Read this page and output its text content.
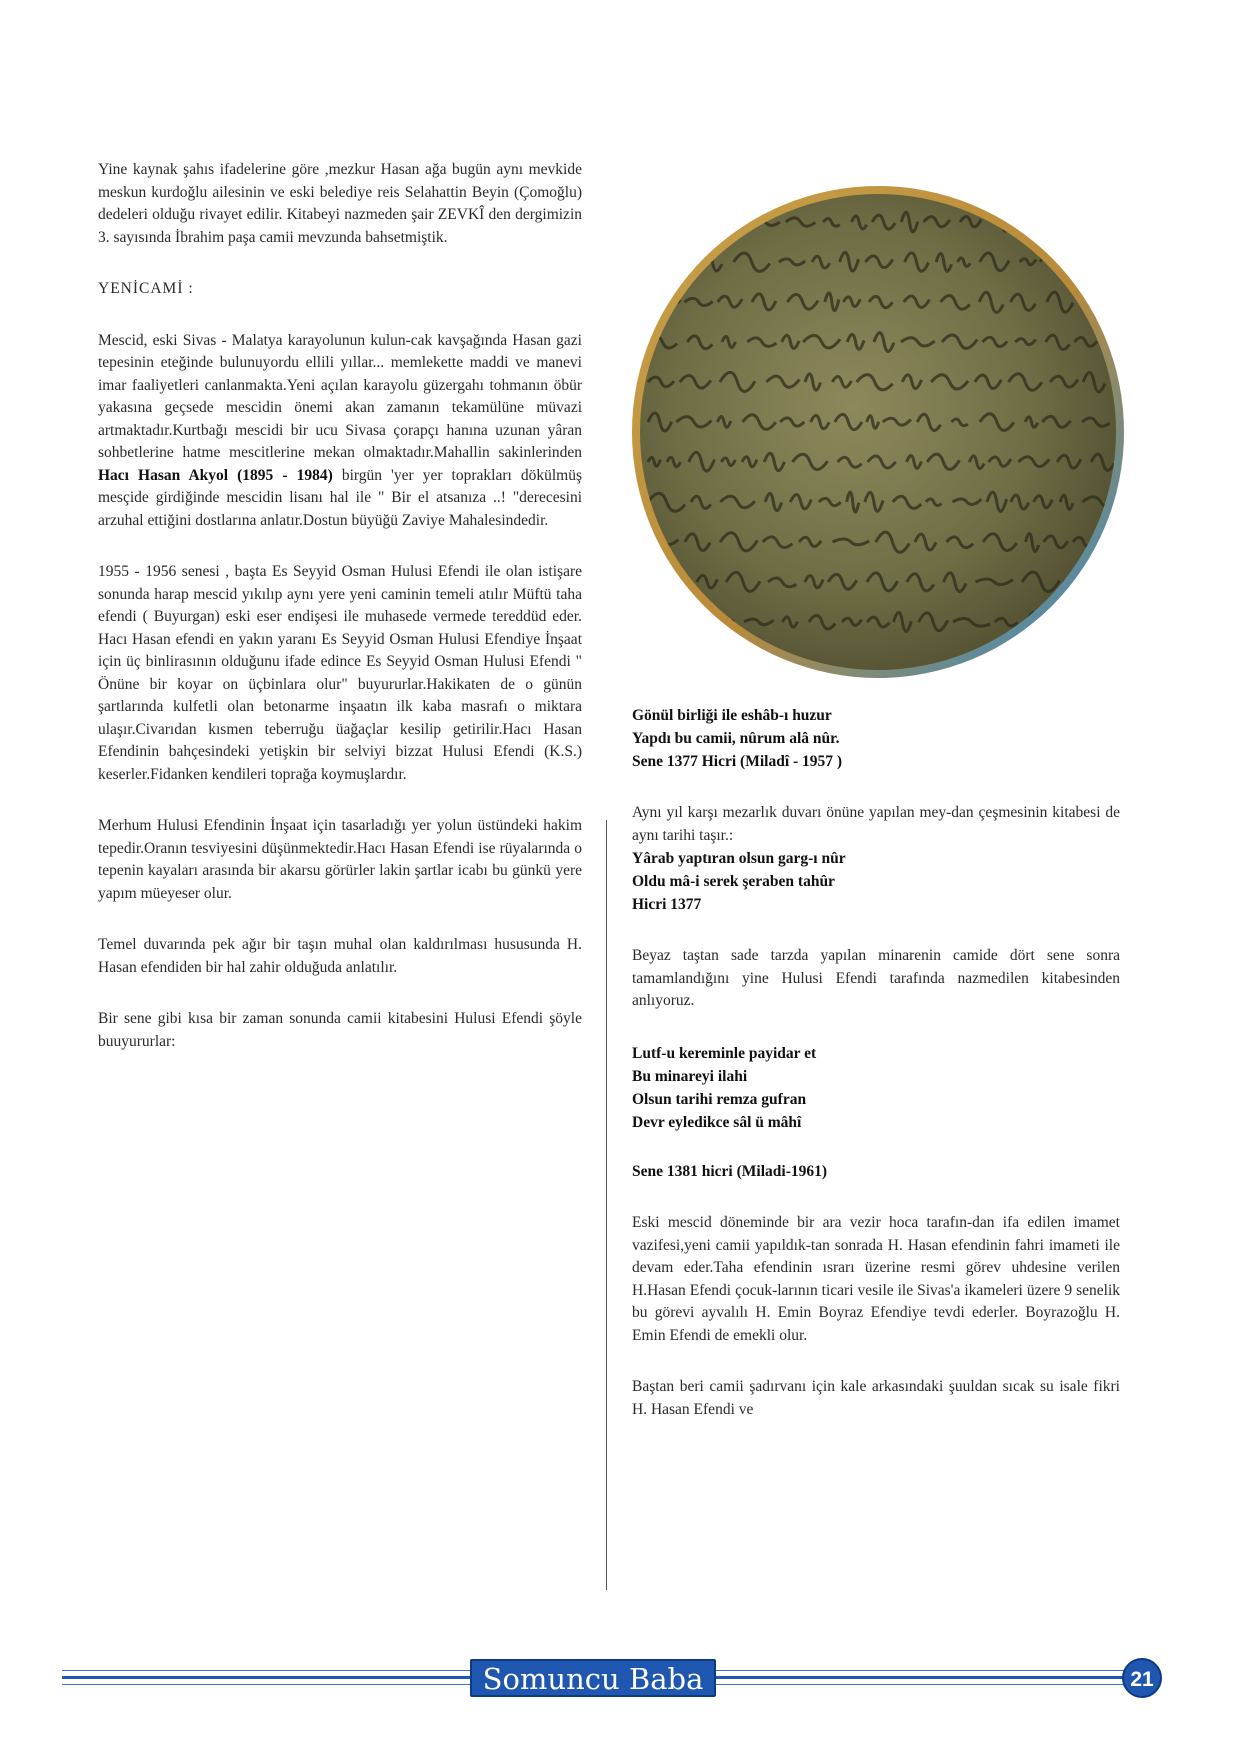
Yine kaynak şahıs ifadelerine göre ,mezkur Hasan ağa bugün aynı mevkide meskun kurdoğlu ailesinin ve eski belediye reis Selahattin Beyin (Çomoğlu) dedeleri olduğu rivayet edilir. Kitabeyi nazmeden şair ZEVKÎ den dergimizin 3. sayısında İbrahim paşa camii mevzunda bahsetmiştik.

YENİCAMİ :

Mescid, eski Sivas - Malatya karayolunun kulun-cak kavşağında Hasan gazi tepesinin eteğinde bulunuyordu ellili yıllar... memlekette maddi ve manevi imar faaliyetleri canlanmakta.Yeni açılan karayolu güzergahı tohmanın öbür yakasına geçsede mescidin önemi akan zamanın tekamülüne müvazi artmaktadır.Kurtbağı mescidi bir ucu Sivasa çorapçı hanına uzunan yâran sohbetlerine hatme mescitlerine mekan olmaktadır.Mahallin sakinlerinden Hacı Hasan Akyol (1895 - 1984) birgün 'yer yer toprakları dökülmüş mesçide girdiğinde mescidin lisanı hal ile " Bir el atsanıza ..! "derecesini arzuhal ettiğini dostlarına anlatır.Dostun büyüğü Zaviye Mahalesindedir.

1955 - 1956 senesi , başta Es Seyyid Osman Hulusi Efendi ile olan istişare sonunda harap mescid yıkılıp aynı yere yeni caminin temeli atılır Müftü taha efendi ( Buyurgan) eski eser endişesi ile muhasede vermede tereddüd eder. Hacı Hasan efendi en yakın yaranı Es Seyyid Osman Hulusi Efendiye İnşaat için üç binlirasının olduğunu ifade edince Es Seyyid Osman Hulusi Efendi " Önüne bir koyar on üçbinlara olur" buyururlar.Hakikaten de o günün şartlarında kulfetli olan betonarme inşaatın ilk kaba masrafı o miktara ulaşır.Civarıdan kısmen teberruğu üağaçlar kesilip getirilir.Hacı Hasan Efendinin bahçesindeki yetişkin bir selviyi bizzat Hulusi Efendi (K.S.) keserler.Fidanken kendileri toprağa koymuşlardır.

Merhum Hulusi Efendinin İnşaat için tasarladığı yer yolun üstündeki hakim tepedir.Oranın tesviyesini düşünmektedir.Hacı Hasan Efendi ise rüyalarında o tepenin kayaları arasında bir akarsu görürler lakin şartlar icabı bu günkü yere yapım müeyeser olur.

Temel duvarında pek ağır bir taşın muhal olan kaldırılması hususunda H. Hasan efendiden bir hal zahir olduğuda anlatılır.

Bir sene gibi kısa bir zaman sonunda camii kitabesini Hulusi Efendi şöyle buuyururlar:

Gönül birliği ile eshâb-ı huzur
Yapdı bu camii, nûrum alâ nûr.
Sene 1377 Hicri (Miladî - 1957 )

Aynı yıl karşı mezarlık duvarı önüne yapılan mey-dan çeşmesinin kitabesi de aynı tarihi taşır.:

Yârab yaptıran olsun garg-ı nûr
Oldu mâ-i serek şeraben tahûr
Hicri 1377

Beyaz taştan sade tarzda yapılan minarenin camide dört sene sonra tamamlandığını yine Hulusi Efendi tarafında nazmedilen kitabesinden anlıyoruz.

Lutf-u kereminle payidar et
Bu minareyi ilahi
Olsun tarihi remza gufran
Devr eyledikce sâl ü mâhî

Sene 1381 hicri (Miladi-1961)

Eski mescid döneminde bir ara vezir hoca tarafın-dan ifa edilen imamet vazifesi,yeni camii yapıldık-tan sonrada H. Hasan efendinin fahri imameti ile devam eder.Taha efendinin ısrarı üzerine resmi görev uhdesine verilen H.Hasan Efendi çocuk-larının ticari vesile ile Sivas'a ikameleri üzere 9 senelik bu görevi ayvalılı H. Emin Boyraz Efendiye tevdi ederler. Boyrazoğlu H. Emin Efendi de emekli olur.

Baştan beri camii şadırvanı için kale arkasındaki şuuldan sıcak su isale fikri H. Hasan Efendi ve

Somuncu Baba	21
